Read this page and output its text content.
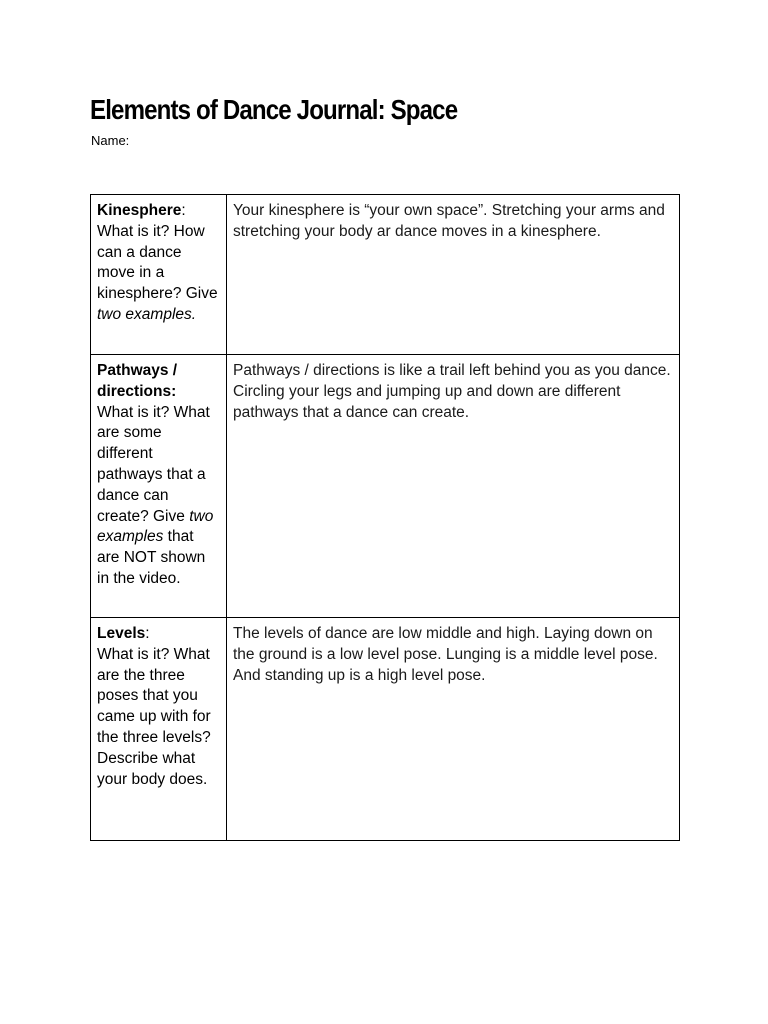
Elements of Dance Journal: Space
Name:
Kinesphere:
What is it? How can a dance move in a kinesphere? Give two examples.	Your kinesphere is “your own space”. Stretching your arms and stretching your body ar dance moves in a kinesphere.
Pathways / directions:
What is it? What are some different pathways that a dance can create? Give two examples that are NOT shown in the video.	Pathways / directions is like a trail left behind you as you dance. Circling your legs and jumping up and down are different pathways that a dance can create.
Levels:
What is it? What are the three poses that you came up with for the three levels? Describe what your body does.	The levels of dance are low middle and high. Laying down on the ground is a low level pose. Lunging is a middle level pose. And standing up is a high level pose.
